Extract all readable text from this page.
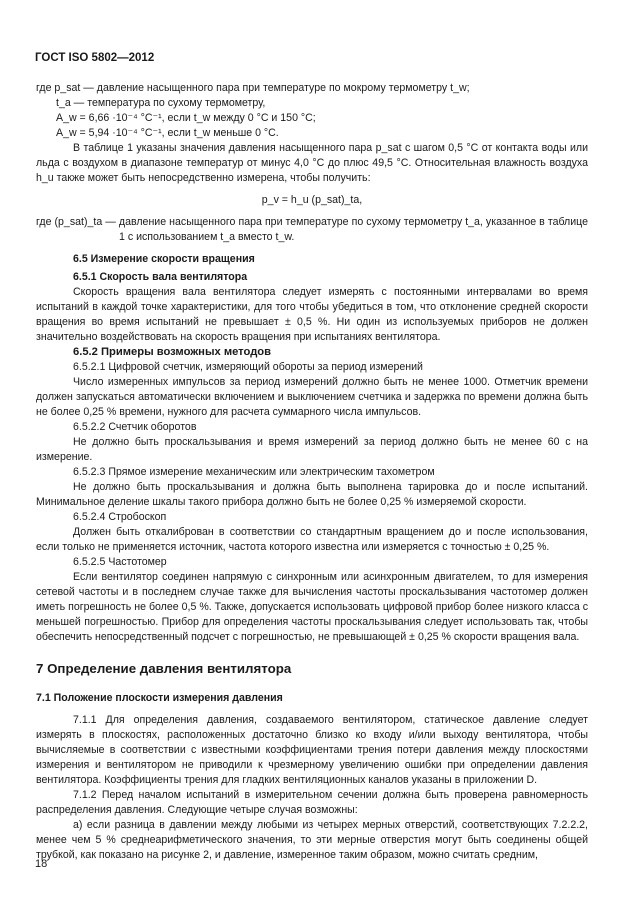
ГОСТ ISO 5802—2012

где p_sat — давление насыщенного пара при температуре по мокрому термометру t_w;

t_a — температура по сухому термометру,

A_w = 6,66 ·10⁻⁴ °C⁻¹, если t_w между 0 °C и 150 °C;

A_w = 5,94 ·10⁻⁴ °C⁻¹, если t_w меньше 0 °C.

В таблице 1 указаны значения давления насыщенного пара p_sat с шагом 0,5 °C от контакта воды или льда с воздухом в диапазоне температур от минус 4,0 °C до плюс 49,5 °C. Относительная влажность воздуха h_u также может быть непосредственно измерена, чтобы получить:

p_v = h_u (p_sat)_ta,

где (p_sat)_ta — давление насыщенного пара при температуре по сухому термометру t_a, указанное в таблице 1 с использованием t_a вместо t_w.

6.5 Измерение скорости вращения

6.5.1 Скорость вала вентилятора

Скорость вращения вала вентилятора следует измерять с постоянными интервалами во время испытаний в каждой точке характеристики, для того чтобы убедиться в том, что отклонение средней скорости вращения во время испытаний не превышает ± 0,5 %. Ни один из используемых приборов не должен значительно воздействовать на скорость вращения при испытаниях вентилятора.

6.5.2 Примеры возможных методов

6.5.2.1 Цифровой счетчик, измеряющий обороты за период измерений

Число измеренных импульсов за период измерений должно быть не менее 1000. Отметчик времени должен запускаться автоматически включением и выключением счетчика и задержка по времени должна быть не более 0,25 % времени, нужного для расчета суммарного числа импульсов.

6.5.2.2 Счетчик оборотов

Не должно быть проскальзывания и время измерений за период должно быть не менее 60 с на измерение.

6.5.2.3 Прямое измерение механическим или электрическим тахометром

Не должно быть проскальзывания и должна быть выполнена тарировка до и после испытаний. Минимальное деление шкалы такого прибора должно быть не более 0,25 % измеряемой скорости.

6.5.2.4 Стробоскоп

Должен быть откалиброван в соответствии со стандартным вращением до и после использования, если только не применяется источник, частота которого известна или измеряется с точностью ± 0,25 %.

6.5.2.5 Частотомер

Если вентилятор соединен напрямую с синхронным или асинхронным двигателем, то для измерения сетевой частоты и в последнем случае также для вычисления частоты проскальзывания частотомер должен иметь погрешность не более 0,5 %. Также, допускается использовать цифровой прибор более низкого класса с меньшей погрешностью. Прибор для определения частоты проскальзывания следует использовать так, чтобы обеспечить непосредственный подсчет с погрешностью, не превышающей ± 0,25 % скорости вращения вала.

7 Определение давления вентилятора

7.1 Положение плоскости измерения давления

7.1.1 Для определения давления, создаваемого вентилятором, статическое давление следует измерять в плоскостях, расположенных достаточно близко ко входу и/или выходу вентилятора, чтобы вычисляемые в соответствии с известными коэффициентами трения потери давления между плоскостями измерения и вентилятором не приводили к чрезмерному увеличению ошибки при определении давления вентилятора. Коэффициенты трения для гладких вентиляционных каналов указаны в приложении D.

7.1.2 Перед началом испытаний в измерительном сечении должна быть проверена равномерность распределения давления. Следующие четыре случая возможны:

a) если разница в давлении между любыми из четырех мерных отверстий, соответствующих 7.2.2.2, менее чем 5 % среднеарифметического значения, то эти мерные отверстия могут быть соединены общей трубкой, как показано на рисунке 2, и давление, измеренное таким образом, можно считать средним,

18
